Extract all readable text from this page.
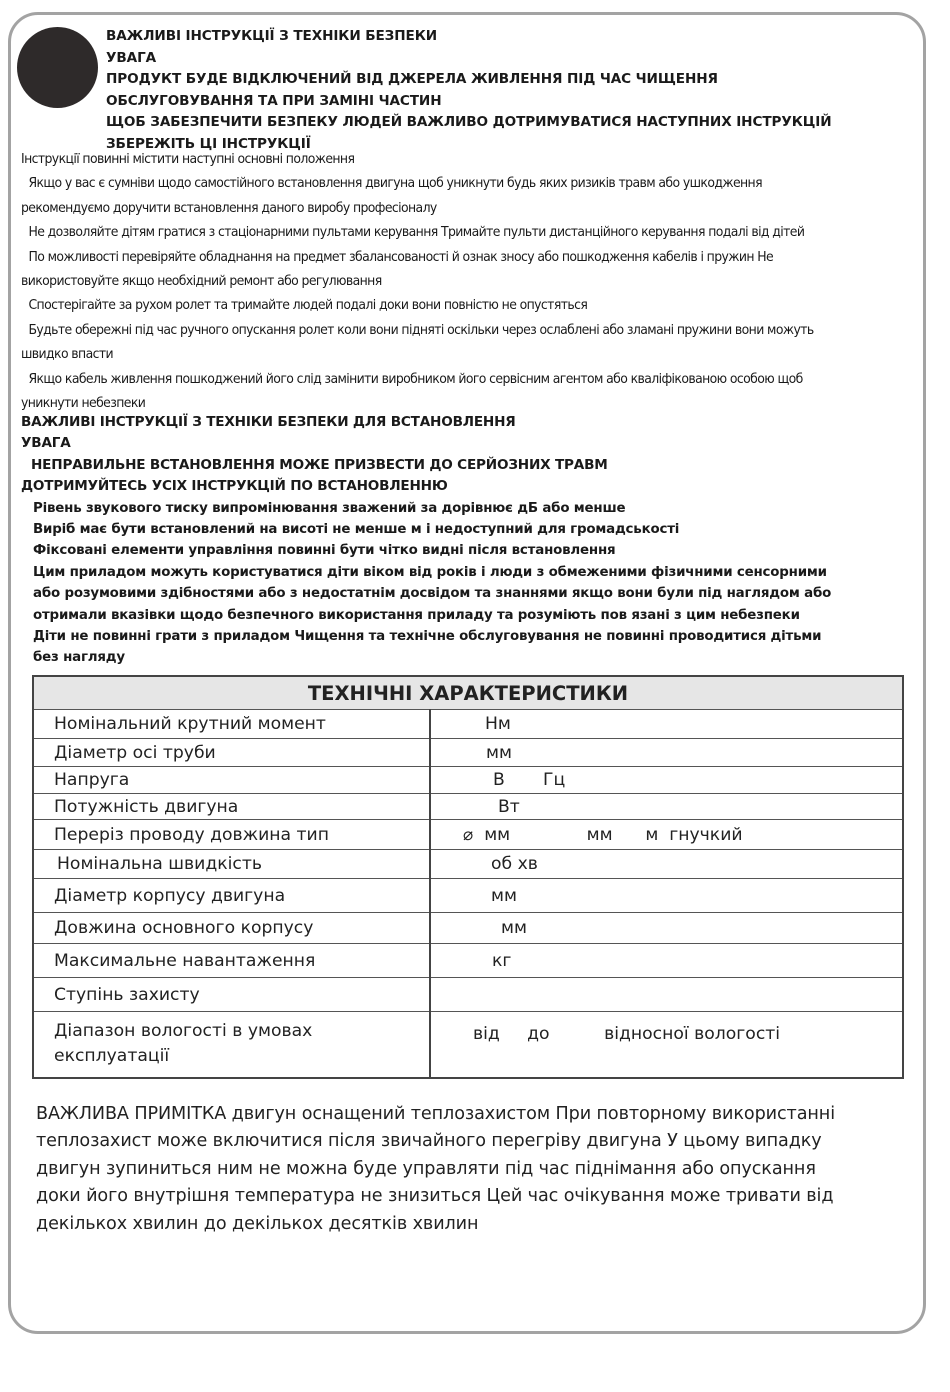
ВАЖЛИВІ ІНСТРУКЦІЇ З ТЕХНІКИ БЕЗПЕКИ
УВАГА
ПРОДУКТ БУДЕ ВІДКЛЮЧЕНИЙ ВІД ДЖЕРЕЛА ЖИВЛЕННЯ ПІД ЧАС ЧИЩЕННЯ
ОБСЛУГОВУВАННЯ ТА ПРИ ЗАМІНІ ЧАСТИН
ЩОБ ЗАБЕЗПЕЧИТИ БЕЗПЕКУ ЛЮДЕЙ ВАЖЛИВО ДОТРИМУВАТИСЯ НАСТУПНИХ ІНСТРУКЦІЙ
ЗБЕРЕЖІТЬ ЦІ ІНСТРУКЦІЇ
Інструкції повинні містити наступні основні положення
Якщо у вас є сумніви щодо самостійного встановлення двигуна щоб уникнути будь яких ризиків травм або ушкодження
рекомендуємо доручити встановлення даного виробу професіоналу
Не дозволяйте дітям гратися з стаціонарними пультами керування Тримайте пульти дистанційного керування подалі від дітей
По можливості перевіряйте обладнання на предмет збалансованості й ознак зносу або пошкодження кабелів і пружин Не
використовуйте якщо необхідний ремонт або регулювання
Спостерігайте за рухом ролет та тримайте людей подалі доки вони повністю не опустяться
Будьте обережні під час ручного опускання ролет коли вони підняті оскільки через ослаблені або зламані пружини вони можуть
швидко впасти
Якщо кабель живлення пошкоджений його слід замінити виробником його сервісним агентом або кваліфікованою особою щоб
уникнути небезпеки
ВАЖЛИВІ ІНСТРУКЦІЇ З ТЕХНІКИ БЕЗПЕКИ ДЛЯ ВСТАНОВЛЕННЯ
УВАГА
НЕПРАВИЛЬНЕ ВСТАНОВЛЕННЯ МОЖЕ ПРИЗВЕСТИ ДО СЕРЙОЗНИХ ТРАВМ
ДОТРИМУЙТЕСЬ УСІХ ІНСТРУКЦІЙ ПО ВСТАНОВЛЕННЮ
Рівень звукового тиску випромінювання зважений за дорівнює дБ або менше
Виріб має бути встановлений на висоті не менше м і недоступний для громадськості
Фіксовані елементи управління повинні бути чітко видні після встановлення
Цим приладом можуть користуватися діти віком від років і люди з обмеженими фізичними сенсорними
або розумовими здібностями або з недостатнім досвідом та знаннями якщо вони були під наглядом або
отримали вказівки щодо безпечного використання приладу та розуміють пов язані з цим небезпеки
Діти не повинні грати з приладом Чищення та технічне обслуговування не повинні проводитися дітьми
без нагляду
ТЕХНІЧНІ ХАРАКТЕРИСТИКИ	
Номінальний крутний момент	Нм
Діаметр осі труби	мм
Напруга	В       Гц
Потужність двигуна	Вт
Переріз проводу довжина тип	⌀ мм              мм      м  гнучкий
Номінальна швидкість	об хв
Діаметр корпусу двигуна	мм
Довжина основного корпусу	мм
Максимальне навантаження	кг
Ступінь захисту	
Діапазон вологості в умовах
експлуатації	від     до          відносної вологості
ВАЖЛИВА ПРИМІТКА двигун оснащений теплозахистом При повторному використанні
теплозахист може включитися після звичайного перегріву двигуна У цьому випадку
двигун зупиниться ним не можна буде управляти під час піднімання або опускання
доки його внутрішня температура не знизиться Цей час очікування може тривати від
декількох хвилин до декількох десятків хвилин
